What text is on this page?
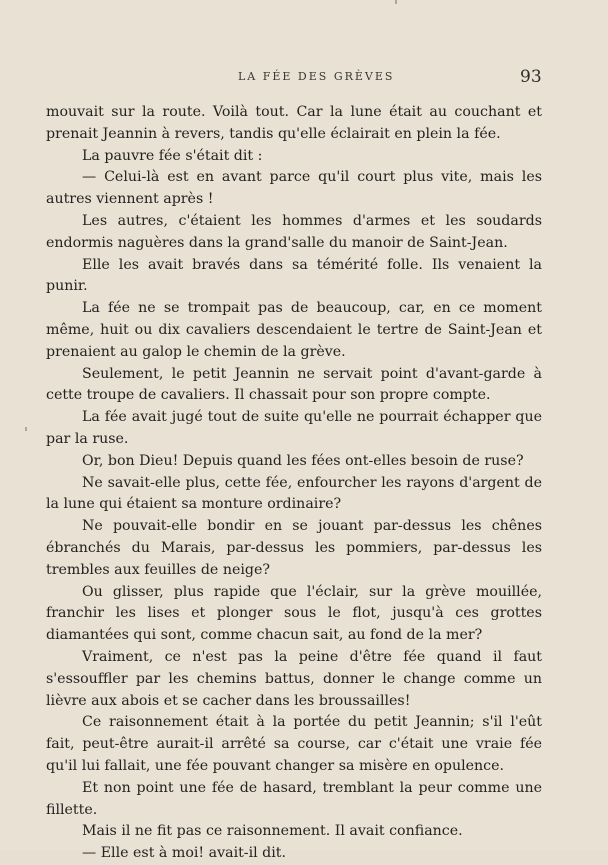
LA FÉE DES GRÈVES	93

mouvait sur la route. Voilà tout. Car la lune était au couchant et prenait Jeannin à revers, tandis qu'elle éclairait en plein la fée.

La pauvre fée s'était dit :

— Celui-là est en avant parce qu'il court plus vite, mais les autres viennent après !

Les autres, c'étaient les hommes d'armes et les soudards endormis naguères dans la grand'salle du manoir de Saint-Jean.

Elle les avait bravés dans sa témérité folle. Ils venaient la punir.

La fée ne se trompait pas de beaucoup, car, en ce moment même, huit ou dix cavaliers descendaient le tertre de Saint-Jean et prenaient au galop le chemin de la grève.

Seulement, le petit Jeannin ne servait point d'avant-garde à cette troupe de cavaliers. Il chassait pour son propre compte.

La fée avait jugé tout de suite qu'elle ne pourrait échapper que par la ruse.

Or, bon Dieu! Depuis quand les fées ont-elles besoin de ruse?

Ne savait-elle plus, cette fée, enfourcher les rayons d'argent de la lune qui étaient sa monture ordinaire?

Ne pouvait-elle bondir en se jouant par-dessus les chênes ébranchés du Marais, par-dessus les pommiers, par-dessus les trembles aux feuilles de neige?

Ou glisser, plus rapide que l'éclair, sur la grève mouillée, franchir les lises et plonger sous le flot, jusqu'à ces grottes diamantées qui sont, comme chacun sait, au fond de la mer?

Vraiment, ce n'est pas la peine d'être fée quand il faut s'essouffler par les chemins battus, donner le change comme un lièvre aux abois et se cacher dans les broussailles!

Ce raisonnement était à la portée du petit Jeannin; s'il l'eût fait, peut-être aurait-il arrêté sa course, car c'était une vraie fée qu'il lui fallait, une fée pouvant changer sa misère en opulence.

Et non point une fée de hasard, tremblant la peur comme une fillette.

Mais il ne fit pas ce raisonnement. Il avait confiance.

— Elle est à moi! avait-il dit.
